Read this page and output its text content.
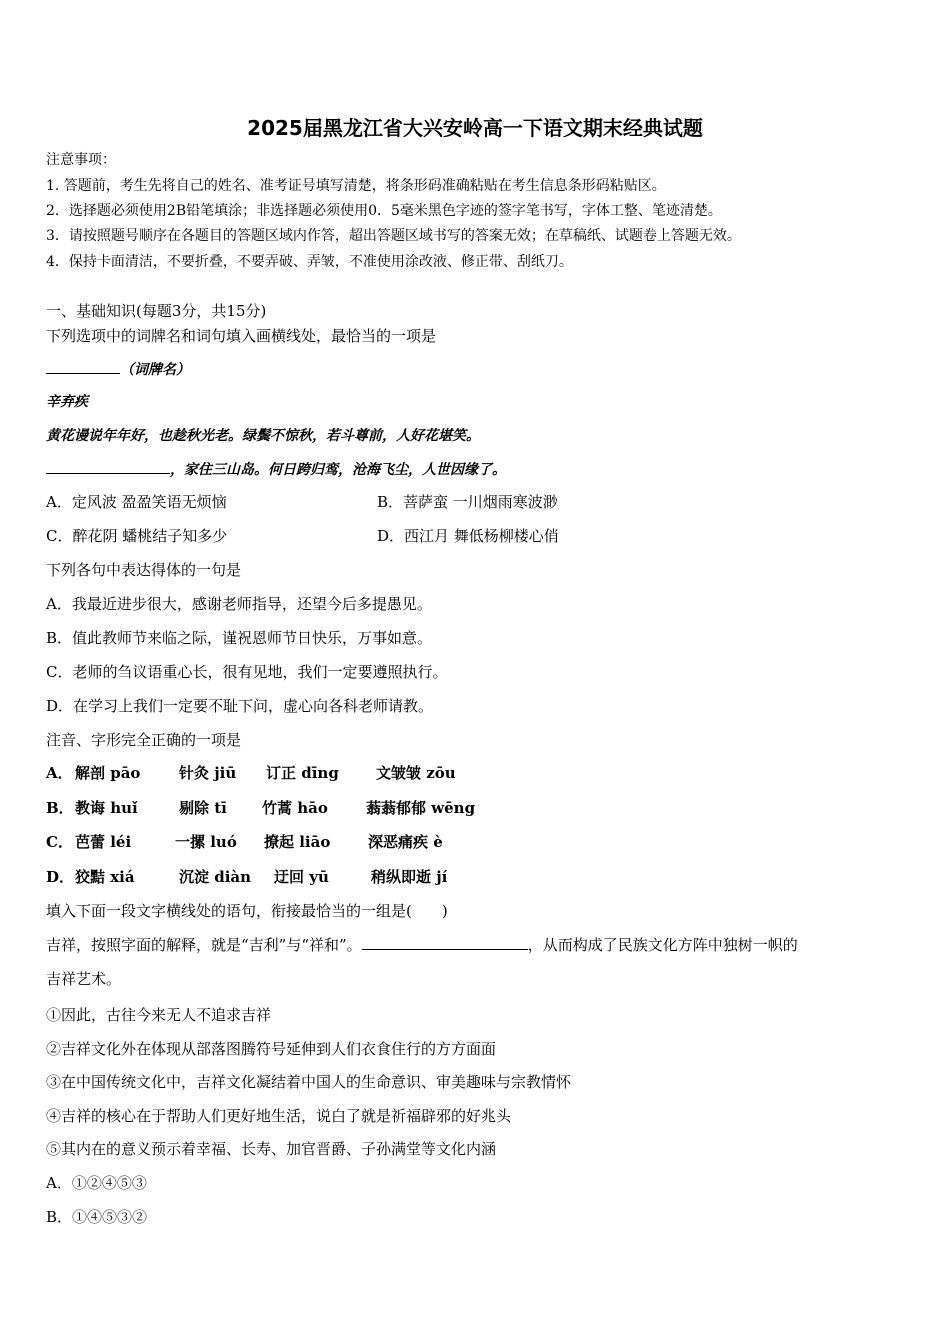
2025届黑龙江省大兴安岭高一下语文期末经典试题
注意事项：
1. 答题前，考生先将自己的姓名、准考证号填写清楚，将条形码准确粘贴在考生信息条形码粘贴区。
2．选择题必须使用2B铅笔填涂；非选择题必须使用0．5毫米黑色字迹的签字笔书写，字体工整、笔迹清楚。
3．请按照题号顺序在各题目的答题区域内作答，超出答题区域书写的答案无效；在草稿纸、试题卷上答题无效。
4．保持卡面清洁，不要折叠，不要弄破、弄皱，不准使用涂改液、修正带、刮纸刀。
一、基础知识(每题3分，共15分)
下列选项中的词牌名和词句填入画横线处，最恰当的一项是
（词牌名）
辛弃疾
黄花谩说年年好，也趁秋光老。绿鬓不惊秋，若斗尊前，人好花堪笑。
，家住三山岛。何日跨归鸾，沧海飞尘，人世因缘了。
A．定风波 盈盈笑语无烦恼	B．菩萨蛮 一川烟雨寒波渺
C．醉花阴 蟠桃结子知多少	D．西江月 舞低杨柳楼心俏
下列各句中表达得体的一句是
A．我最近进步很大，感谢老师指导，还望今后多提愚见。
B．值此教师节来临之际，谨祝恩师节日快乐，万事如意。
C．老师的刍议语重心长，很有见地，我们一定要遵照执行。
D．在学习上我们一定要不耻下问，虚心向各科老师请教。
注音、字形完全正确的一项是
A． 解剖 pāo	针灸 jiū 订正 dīng 文皱皱 zōu
B． 教诲 huǐ	剔除 tī 竹蒿 hāo	蓊蓊郁郁 wēng
C． 芭蕾 léi	一摞 luó 撩起 liāo	深恶痛疾 è
D． 狡黠 xiá	沉淀 diàn 迂回 yū	稍纵即逝 jí
填入下面一段文字横线处的语句，衔接最恰当的一组是(　　)
吉祥，按照字面的解释，就是“吉利”与“祥和”。	，从而构成了民族文化方阵中独树一帜的
吉祥艺术。
①因此，古往今来无人不追求吉祥
②吉祥文化外在体现从部落图腾符号延伸到人们衣食住行的方方面面
③在中国传统文化中，吉祥文化凝结着中国人的生命意识、审美趣味与宗教情怀
④吉祥的核心在于帮助人们更好地生活，说白了就是祈福辟邪的好兆头
⑤其内在的意义预示着幸福、长寿、加官晋爵、子孙满堂等文化内涵
A．①②④⑤③
B．①④⑤③②
